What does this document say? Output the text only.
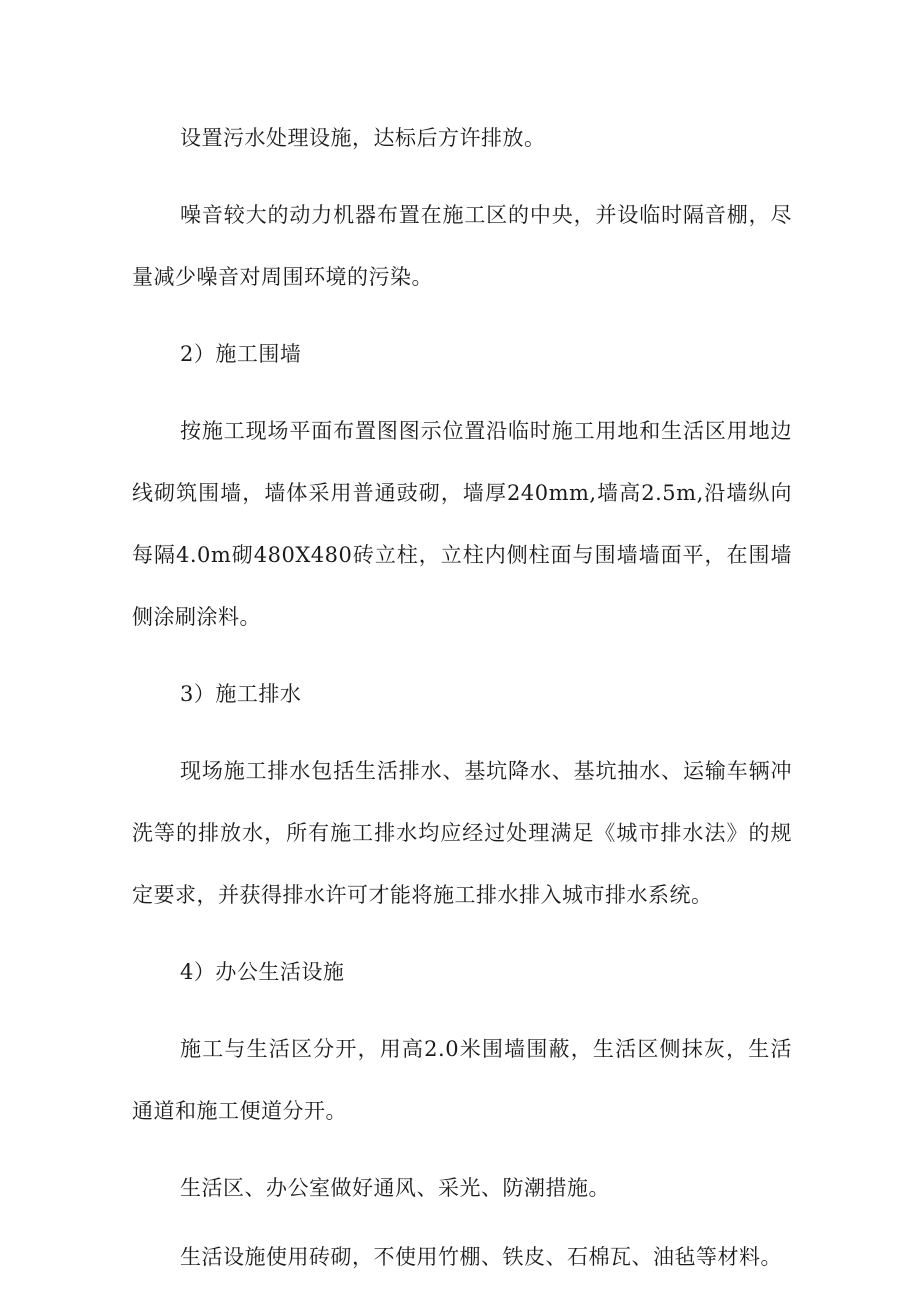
设置污水处理设施，达标后方许排放。

噪音较大的动力机器布置在施工区的中央，并设临时隔音棚，尽量减少噪音对周围环境的污染。

2）施工围墙

按施工现场平面布置图图示位置沿临时施工用地和生活区用地边线砌筑围墙，墙体采用普通豉砌，墙厚240mm,墙高2.5m,沿墙纵向每隔4.0m砌480X480砖立柱，立柱内侧柱面与围墙墙面平，在围墙侧涂刷涂料。

3）施工排水

现场施工排水包括生活排水、基坑降水、基坑抽水、运输车辆冲洗等的排放水，所有施工排水均应经过处理满足《城市排水法》的规定要求，并获得排水许可才能将施工排水排入城市排水系统。

4）办公生活设施

施工与生活区分开，用高2.0米围墙围蔽，生活区侧抹灰，生活通道和施工便道分开。

生活区、办公室做好通风、采光、防潮措施。

生活设施使用砖砌，不使用竹棚、铁皮、石棉瓦、油毡等材料。
